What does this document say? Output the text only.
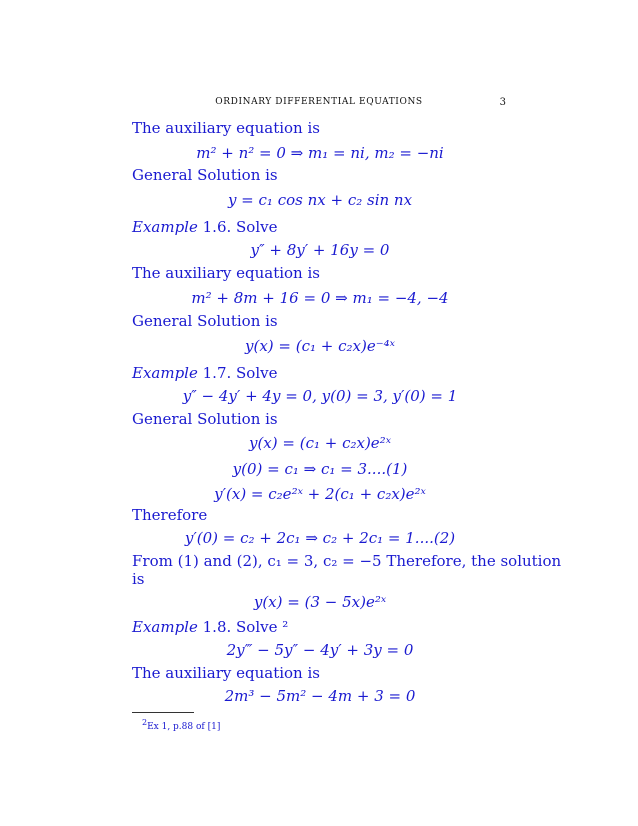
ORDINARY DIFFERENTIAL EQUATIONS	3
The auxiliary equation is
m² + n² = 0 ⇒ m₁ = ni, m₂ = −ni
General Solution is
y = c₁ cos nx + c₂ sin nx
Example 1.6. Solve
y″ + 8y′ + 16y = 0
The auxiliary equation is
m² + 8m + 16 = 0 ⇒ m₁ = −4, −4
General Solution is
y(x) = (c₁ + c₂x)e⁻⁴ˣ
Example 1.7. Solve
y″ − 4y′ + 4y = 0, y(0) = 3, y′(0) = 1
General Solution is
y(x) = (c₁ + c₂x)e²ˣ
y(0) = c₁ ⇒ c₁ = 3....(1)
y′(x) = c₂e²ˣ + 2(c₁ + c₂x)e²ˣ
Therefore
y′(0) = c₂ + 2c₁ ⇒ c₂ + 2c₁ = 1....(2)
From (1) and (2), c₁ = 3, c₂ = −5 Therefore, the solution
is
y(x) = (3 − 5x)e²ˣ
Example 1.8. Solve ²
2y‴ − 5y″ − 4y′ + 3y = 0
The auxiliary equation is
2m³ − 5m² − 4m + 3 = 0
$^2$Ex 1, p.88 of [1]
